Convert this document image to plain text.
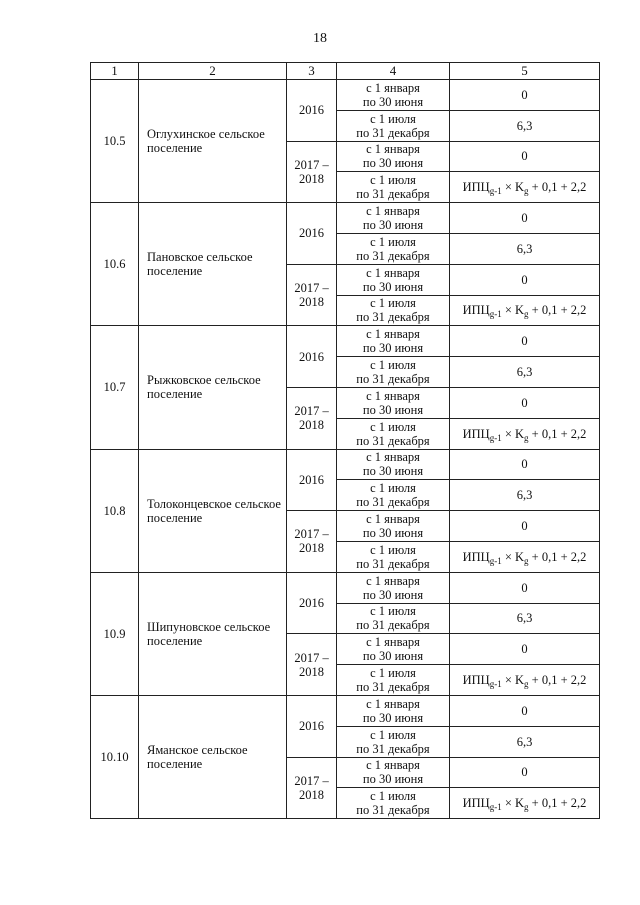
18
1	2	3	4	5
10.5	Оглухинское сельское поселение	2016	с 1 января
по 30 июня	0

			с 1 июля
по 31 декабря	6,3
		2017 – 2018	с 1 января
по 30 июня	0

			с 1 июля
по 31 декабря	$ИПЦ_{g-1} \times K_g + 0,1 + 2,2$
10.6	Пановское сельское поселение	2016	с 1 января
по 30 июня	0

			с 1 июля
по 31 декабря	6,3
		2017 – 2018	с 1 января
по 30 июня	0

			с 1 июля
по 31 декабря	$ИПЦ_{g-1} \times K_g + 0,1 + 2,2$
10.7	Рыжковское сельское поселение	2016	с 1 января
по 30 июня	0

			с 1 июля
по 31 декабря	6,3
		2017 – 2018	с 1 января
по 30 июня	0

			с 1 июля
по 31 декабря	$ИПЦ_{g-1} \times K_g + 0,1 + 2,2$
10.8	Толоконцевское сельское поселение	2016	с 1 января
по 30 июня	0

			с 1 июля
по 31 декабря	6,3
		2017 – 2018	с 1 января
по 30 июня	0

			с 1 июля
по 31 декабря	$ИПЦ_{g-1} \times K_g + 0,1 + 2,2$
10.9	Шипуновское сельское поселение	2016	с 1 января
по 30 июня	0

			с 1 июля
по 31 декабря	6,3
		2017 – 2018	с 1 января
по 30 июня	0

			с 1 июля
по 31 декабря	$ИПЦ_{g-1} \times K_g + 0,1 + 2,2$
10.10	Яманское сельское поселение	2016	с 1 января
по 30 июня	0

			с 1 июля
по 31 декабря	6,3
		2017 – 2018	с 1 января
по 30 июня	0

			с 1 июля
по 31 декабря	$ИПЦ_{g-1} \times K_g + 0,1 + 2,2$
